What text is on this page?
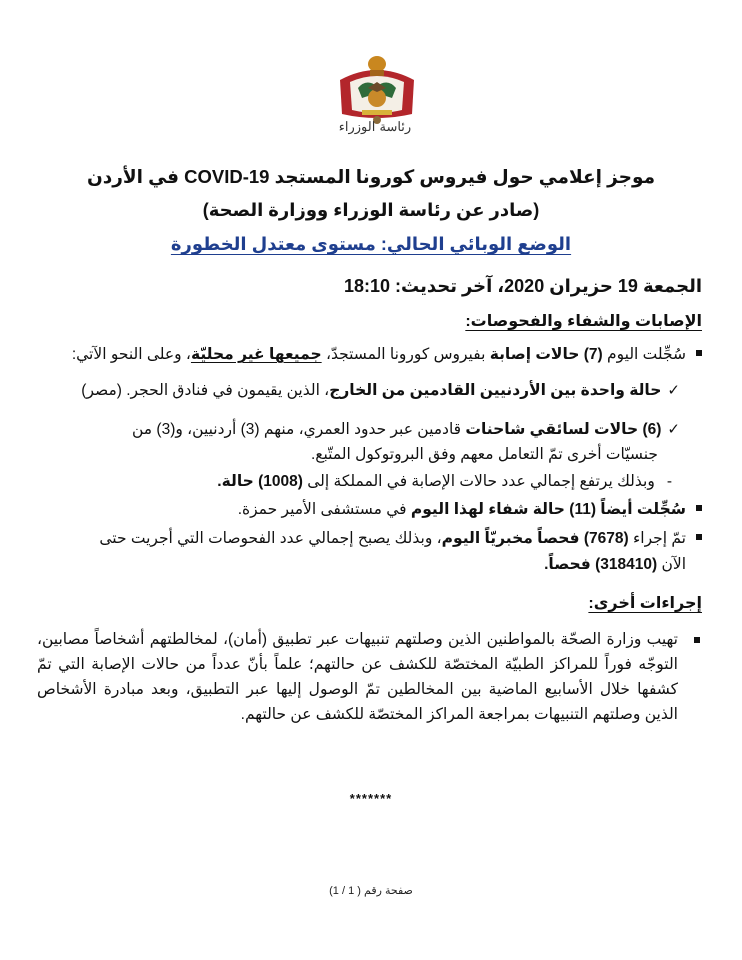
رئاسة الوزراء
موجز إعلامي حول فيروس كورونا المستجد COVID-19 في الأردن
(صادر عن رئاسة الوزراء ووزارة الصحة)
الوضع الوبائي الحالي: مستوى معتدل الخطورة
الجمعة 19 حزيران 2020، آخر تحديث: 18:10
الإصابات والشفاء والفحوصات:
سُجِّلت اليوم (7) حالات إصابة بفيروس كورونا المستجدّ، جميعها غير محليّة، وعلى النحو الآتي:
✓حالة واحدة بين الأردنيين القادمين من الخارج، الذين يقيمون في فنادق الحجر. (مصر)
✓(6) حالات لسائقي شاحنات قادمين عبر حدود العمري، منهم (3) أردنيين، و(3) من
جنسيّات أخرى تمّ التعامل معهم وفق البروتوكول المتّبع.
-وبذلك يرتفع إجمالي عدد حالات الإصابة في المملكة إلى (1008) حالة.
سُجِّلت أيضاً (11) حالة شفاء لهذا اليوم في مستشفى الأمير حمزة.
تمّ إجراء (7678) فحصاً مخبريّاً اليوم، وبذلك يصبح إجمالي عدد الفحوصات التي أجريت حتى
الآن (318410) فحصاً.
إجراءات أخرى:
تهيب وزارة الصحّة بالمواطنين الذين وصلتهم تنبيهات عبر تطبيق (أمان)، لمخالطتهم أشخاصاً مصابين، التوجّه فوراً للمراكز الطبيّة المختصّة للكشف عن حالتهم؛ علماً بأنّ عدداً من حالات الإصابة التي تمّ كشفها خلال الأسابيع الماضية بين المخالطين تمّ الوصول إليها عبر التطبيق، وبعد مبادرة الأشخاص الذين وصلتهم التنبيهات بمراجعة المراكز المختصّة للكشف عن حالتهم.
*******
صفحة رقم ( 1 / 1)
